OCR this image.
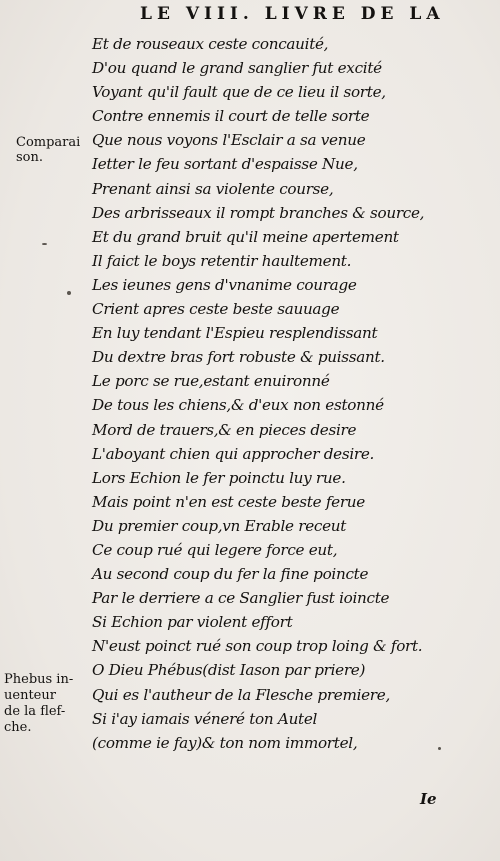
LE VIII. LIVRE DE LA
Et de rouseaux ceste concauité,
D'ou quand le grand sanglier fut excité
Voyant qu'il fault que de ce lieu il sorte,
Contre ennemis il court de telle sorte
Que nous voyons l'Esclair a sa venue
Ietter le feu sortant d'espaisse Nue,
Prenant ainsi sa violente course,
Des arbrisseaux il rompt branches & source,
Et du grand bruit qu'il meine apertement
Il faict le boys retentir haultement.
Les ieunes gens d'vnanime courage
Crient apres ceste beste sauuage
En luy tendant l'Espieu resplendissant
Du dextre bras fort robuste & puissant.
Le porc se rue,estant enuironné
De tous les chiens,& d'eux non estonné
Mord de trauers,& en pieces desire
L'aboyant chien qui approcher desire.
Lors Echion le fer poinctu luy rue.
Mais point n'en est ceste beste ferue
Du premier coup,vn Erable receut
Ce coup rué qui legere force eut,
Au second coup du fer la fine poincte
Par le derriere a ce Sanglier fust ioincte
Si Echion par violent effort
N'eust poinct rué son coup trop loing & fort.
O Dieu Phébus(dist Iason par priere)
Qui es l'autheur de la Flesche premiere,
Si i'ay iamais véneré ton Autel
(comme ie fay)& ton nom immortel,
Comparai
son.
Phebus in-
uenteur
de la flef-
che.
Ie
